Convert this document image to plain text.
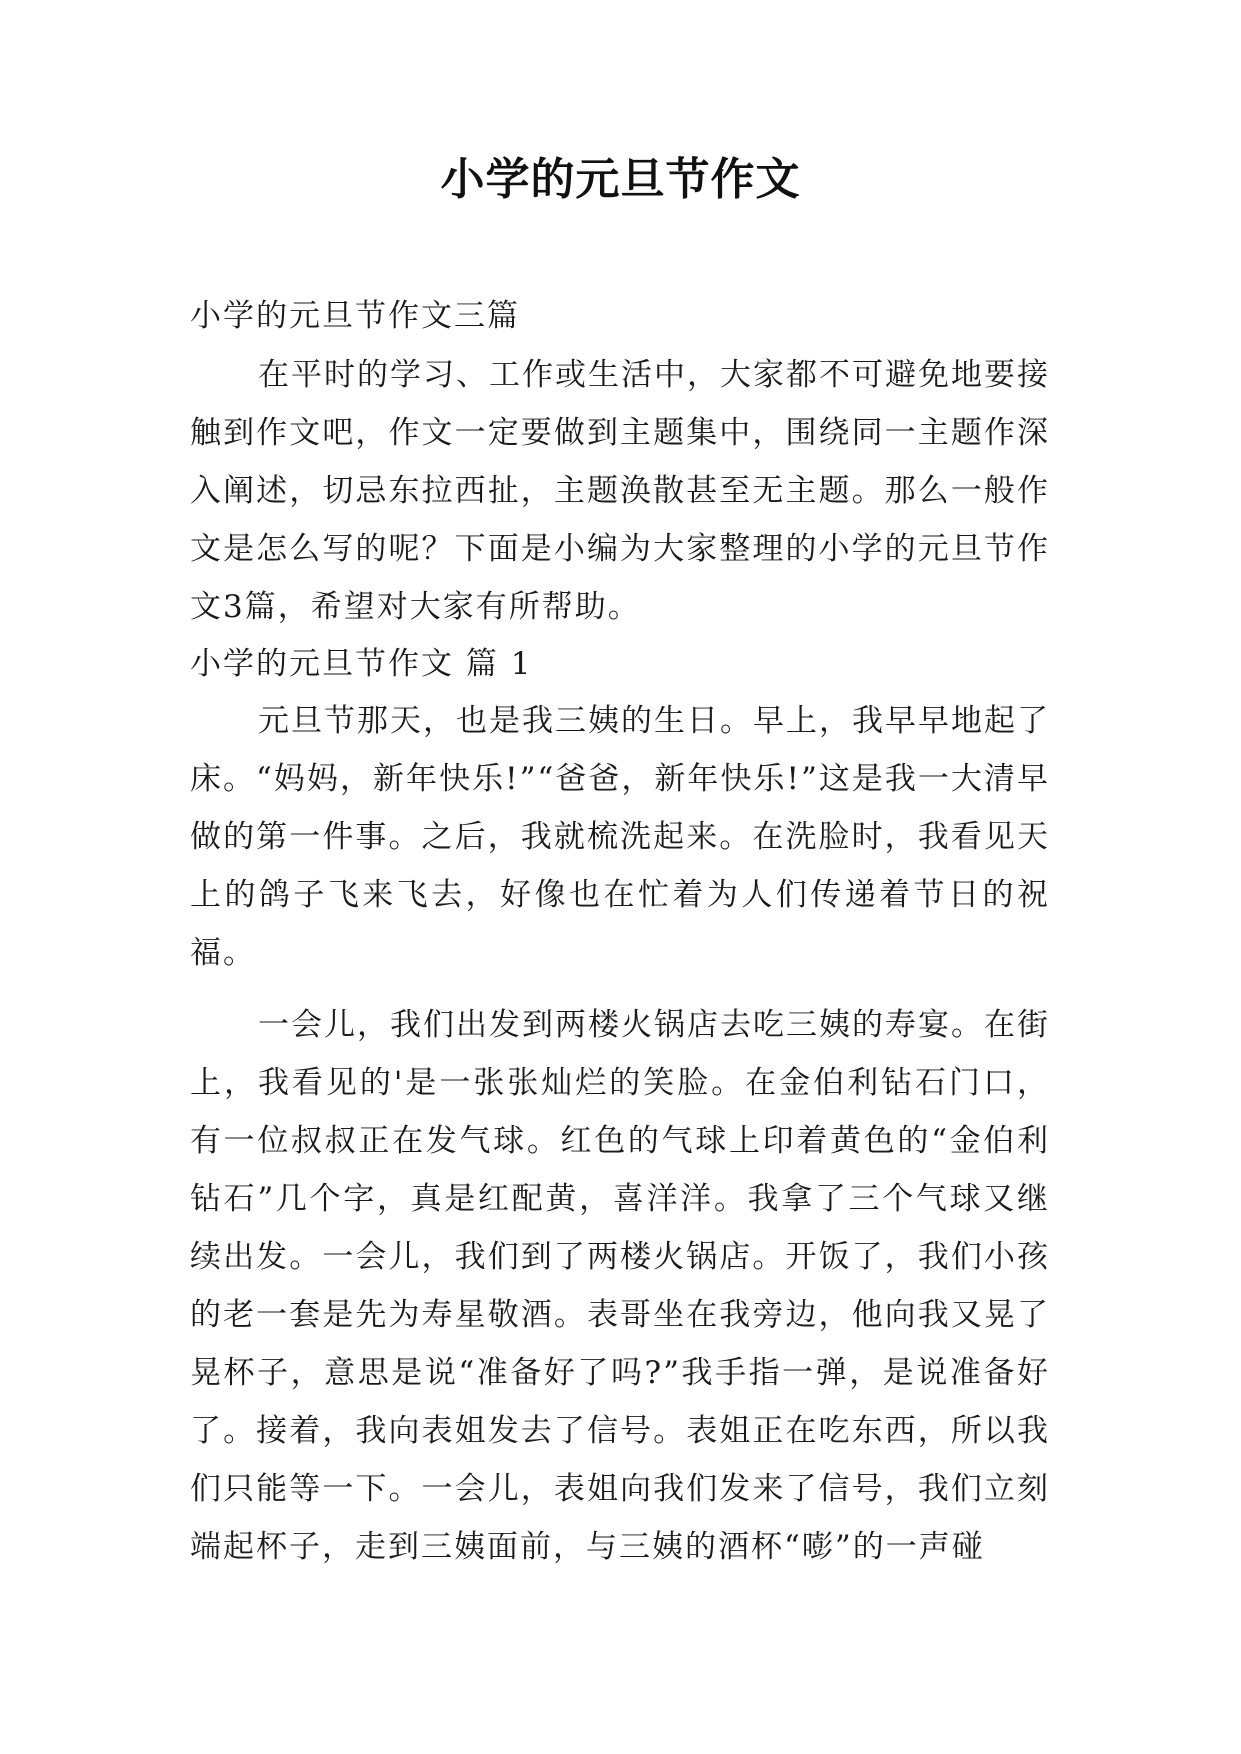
小学的元旦节作文

小学的元旦节作文三篇

在平时的学习、工作或生活中，大家都不可避免地要接触到作文吧，作文一定要做到主题集中，围绕同一主题作深入阐述，切忌东拉西扯，主题涣散甚至无主题。那么一般作文是怎么写的呢？下面是小编为大家整理的小学的元旦节作文3篇，希望对大家有所帮助。

小学的元旦节作文 篇 1

元旦节那天，也是我三姨的生日。早上，我早早地起了床。“妈妈，新年快乐!”“爸爸，新年快乐!”这是我一大清早做的第一件事。之后，我就梳洗起来。在洗脸时，我看见天上的鸽子飞来飞去，好像也在忙着为人们传递着节日的祝福。

一会儿，我们出发到两楼火锅店去吃三姨的寿宴。在街上，我看见的'是一张张灿烂的笑脸。在金伯利钻石门口，有一位叔叔正在发气球。红色的气球上印着黄色的“金伯利钻石”几个字，真是红配黄，喜洋洋。我拿了三个气球又继续出发。一会儿，我们到了两楼火锅店。开饭了，我们小孩的老一套是先为寿星敬酒。表哥坐在我旁边，他向我又晃了晃杯子，意思是说“准备好了吗?”我手指一弹，是说准备好了。接着，我向表姐发去了信号。表姐正在吃东西，所以我们只能等一下。一会儿，表姐向我们发来了信号，我们立刻端起杯子，走到三姨面前，与三姨的酒杯“嘭”的一声碰
